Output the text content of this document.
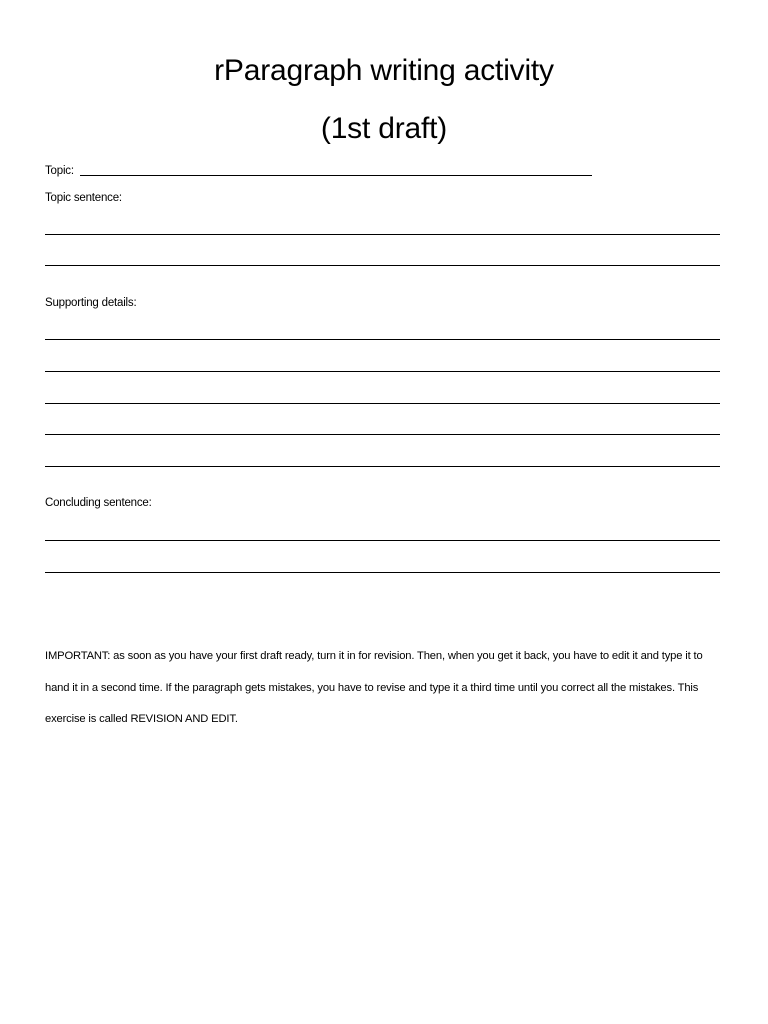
rParagraph writing activity
(1st draft)
Topic:
Topic sentence:
Supporting details:
Concluding sentence:
IMPORTANT: as soon as you have your first draft ready, turn it in for revision. Then, when you get it back, you have to edit it and type it to hand it in a second time. If the paragraph gets mistakes, you have to revise and type it a third time until you correct all the mistakes. This exercise is called REVISION AND EDIT.
